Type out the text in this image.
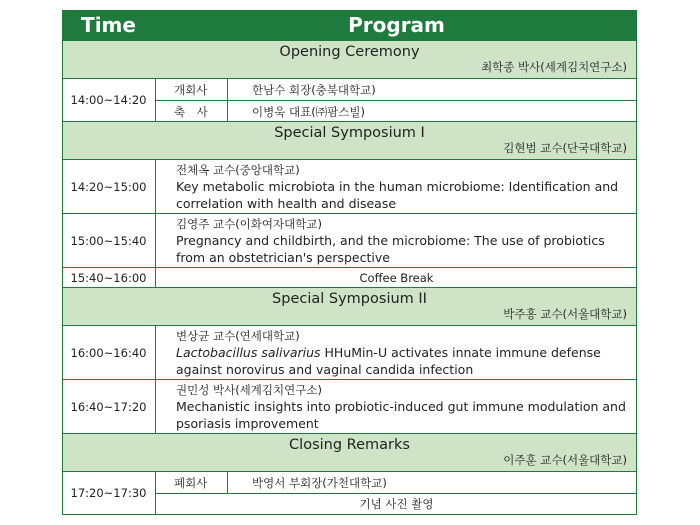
Time	Program
Opening Ceremony
최학종 박사(세계김치연구소)
14:00~14:20
개회사	한남수 회장(충북대학교)
축　사	이병욱 대표(㈜팜스빌)
Special Symposium I
김현범 교수(단국대학교)
14:20~15:00
전체옥 교수(중앙대학교)
Key metabolic microbiota in the human microbiome: Identification and
correlation with health and disease
15:00~15:40
김영주 교수(이화여자대학교)
Pregnancy and childbirth, and the microbiome: The use of probiotics
from an obstetrician's perspective
15:40~16:00	Coffee Break
Special Symposium II
박주홍 교수(서울대학교)
16:00~16:40
변상균 교수(연세대학교)
Lactobacillus salivarius HHuMin-U activates innate immune defense
against norovirus and vaginal candida infection
16:40~17:20
권민성 박사(세계김치연구소)
Mechanistic insights into probiotic-induced gut immune modulation and
psoriasis improvement
Closing Remarks
이주훈 교수(서울대학교)
17:20~17:30
폐회사	박영서 부회장(가천대학교)
기념 사진 촬영
